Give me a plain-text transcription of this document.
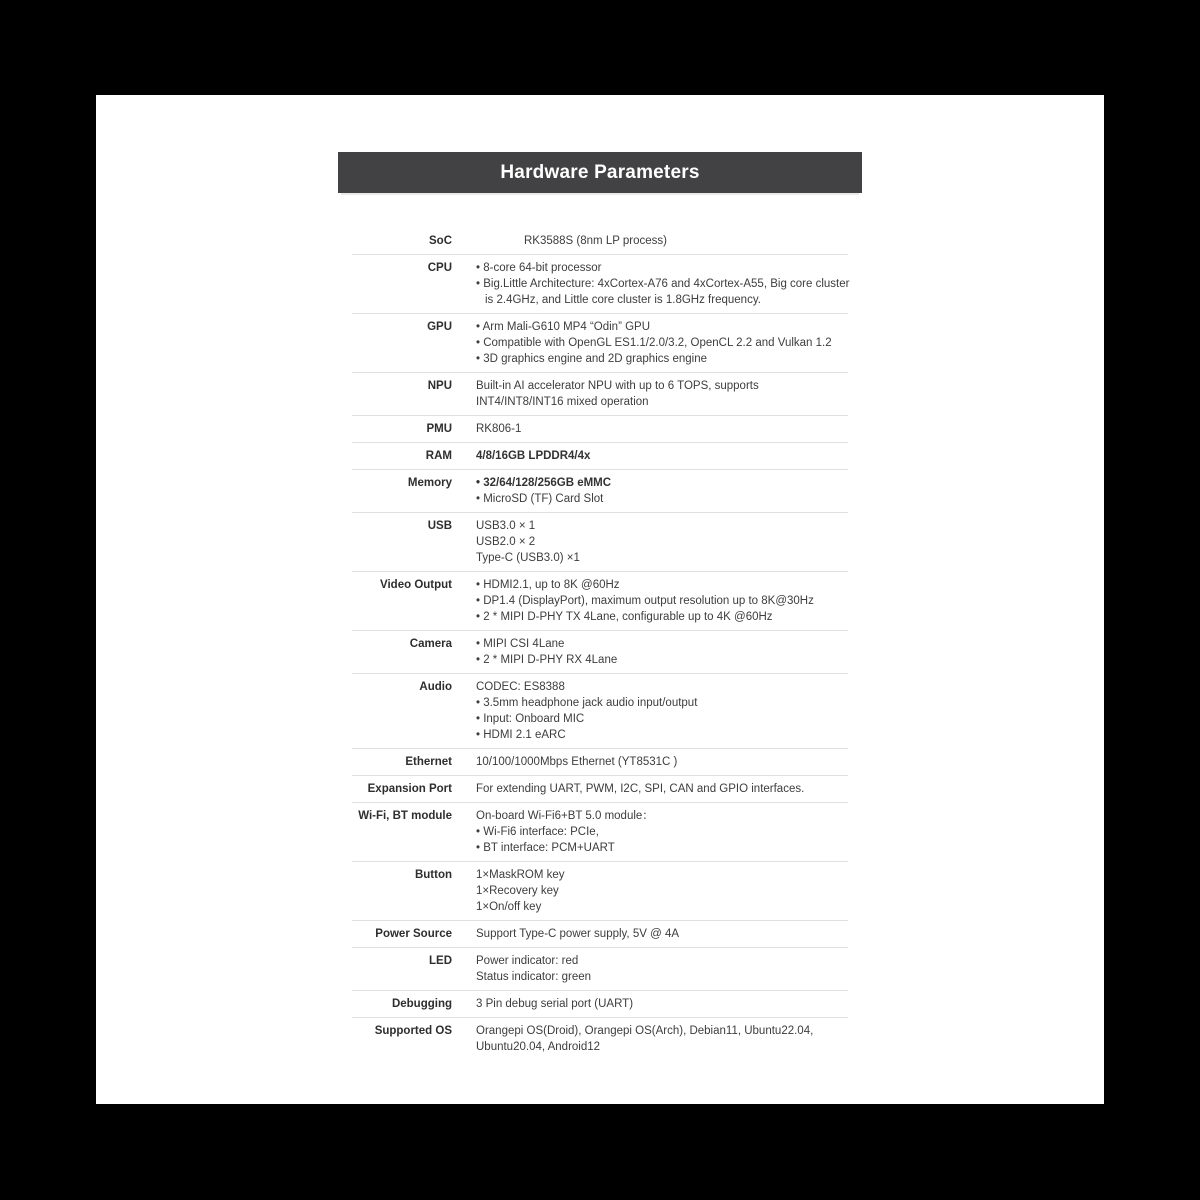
Hardware Parameters
SoC	RK3588S (8nm LP process)
CPU • 8-core 64-bit processor
• Big.Little Architecture: 4xCortex-A76 and 4xCortex-A55, Big core cluster
is 2.4GHz, and Little core cluster is 1.8GHz frequency.
GPU • Arm Mali-G610 MP4 “Odin” GPU
• Compatible with OpenGL ES1.1/2.0/3.2, OpenCL 2.2 and Vulkan 1.2
• 3D graphics engine and 2D graphics engine
NPU Built-in AI accelerator NPU with up to 6 TOPS, supports
INT4/INT8/INT16 mixed operation
PMU RK806-1
RAM 4/8/16GB LPDDR4/4x
Memory • 32/64/128/256GB eMMC
• MicroSD (TF) Card Slot
USB USB3.0 × 1
USB2.0 × 2
Type-C (USB3.0) ×1
Video Output • HDMI2.1, up to 8K @60Hz
• DP1.4 (DisplayPort), maximum output resolution up to 8K@30Hz
• 2 * MIPI D-PHY TX 4Lane, configurable up to 4K @60Hz
Camera • MIPI CSI 4Lane
• 2 * MIPI D-PHY RX 4Lane
Audio CODEC: ES8388
• 3.5mm headphone jack audio input/output
• Input: Onboard MIC
• HDMI 2.1 eARC
Ethernet 10/100/1000Mbps Ethernet (YT8531C )
Expansion Port For extending UART, PWM, I2C, SPI, CAN and GPIO interfaces.
Wi-Fi, BT module On-board Wi-Fi6+BT 5.0 module：
• Wi-Fi6 interface: PCIe,
• BT interface: PCM+UART
Button 1×MaskROM key
1×Recovery key
1×On/off key
Power Source Support Type-C power supply, 5V @ 4A
LED Power indicator: red
Status indicator: green
Debugging 3 Pin debug serial port (UART)
Supported OS Orangepi OS(Droid), Orangepi OS(Arch), Debian11, Ubuntu22.04,
Ubuntu20.04, Android12
